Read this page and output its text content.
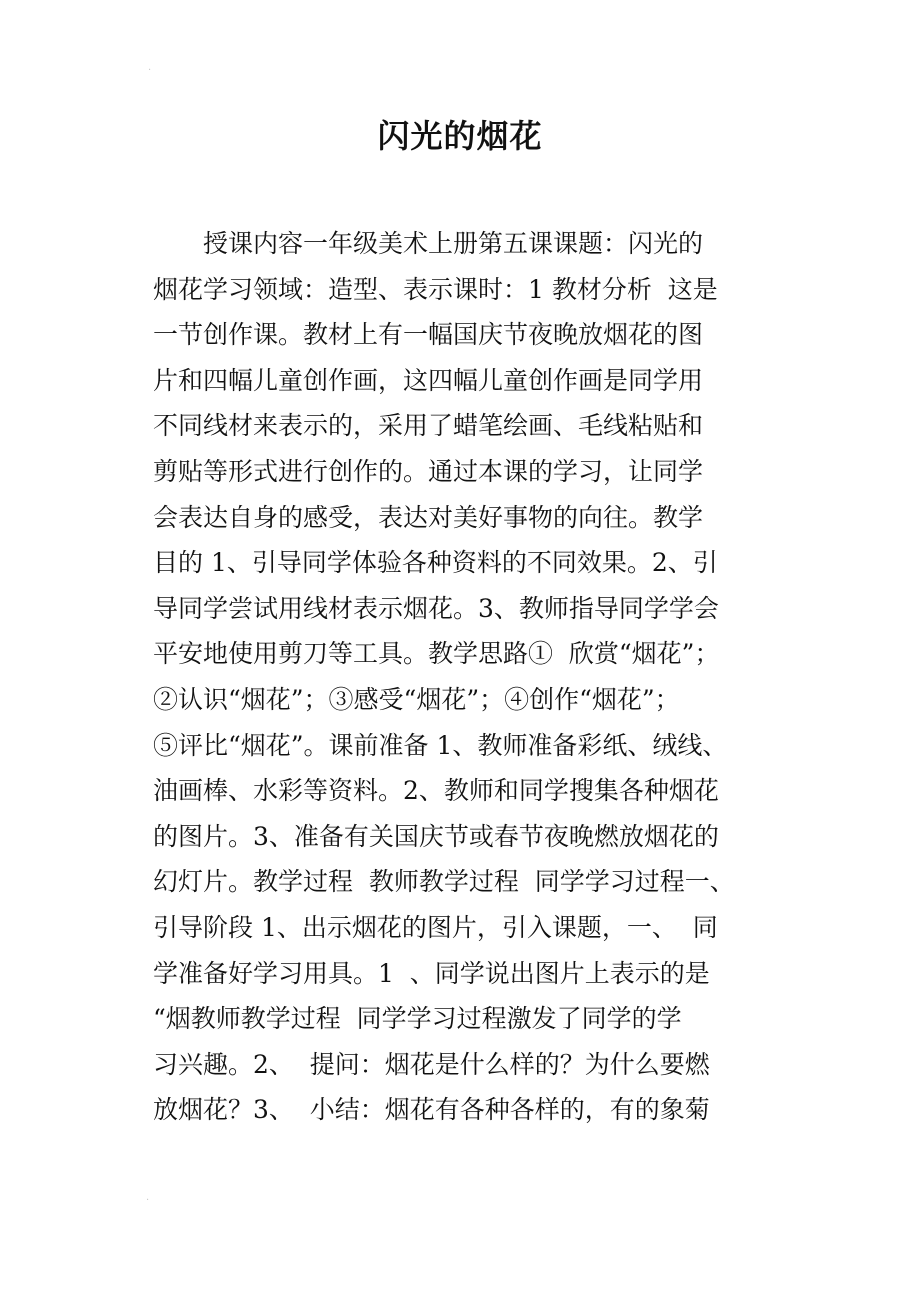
·
闪光的烟花
　　授课内容一年级美术上册第五课课题：闪光的
烟花学习领域：造型、表示课时：1 教材分析  这是
一节创作课。教材上有一幅国庆节夜晚放烟花的图
片和四幅儿童创作画，这四幅儿童创作画是同学用
不同线材来表示的，采用了蜡笔绘画、毛线粘贴和
剪贴等形式进行创作的。通过本课的学习，让同学
会表达自身的感受，表达对美好事物的向往。教学
目的 1、引导同学体验各种资料的不同效果。2、引
导同学尝试用线材表示烟花。3、教师指导同学学会
平安地使用剪刀等工具。教学思路①  欣赏“烟花”；
②认识“烟花”；③感受“烟花”；④创作“烟花”；
⑤评比“烟花”。课前准备 1、教师准备彩纸、绒线、
油画棒、水彩等资料。2、教师和同学搜集各种烟花
的图片。3、准备有关国庆节或春节夜晚燃放烟花的
幻灯片。教学过程  教师教学过程  同学学习过程一、
引导阶段 1、出示烟花的图片，引入课题，一、  同
学准备好学习用具。1  、同学说出图片上表示的是
“烟教师教学过程  同学学习过程激发了同学的学
习兴趣。2、  提问：烟花是什么样的？为什么要燃
放烟花？3、  小结：烟花有各种各样的，有的象菊
·
